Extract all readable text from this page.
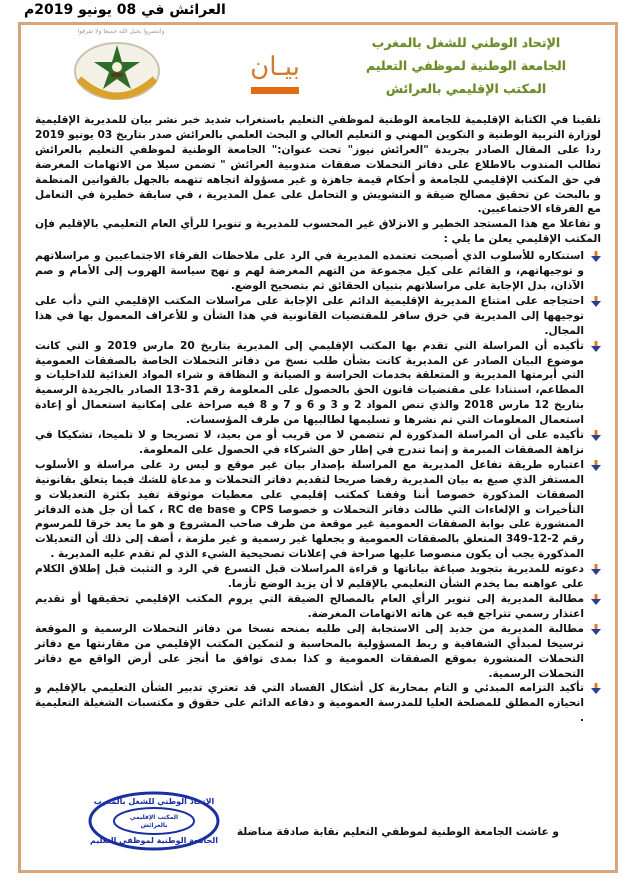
العرائش في 08 يونيو 2019م
وانتصروا بحبل الله جميعا ولا تفرقوا
بيـان
الإتحاد الوطني للشغل بالمغرب
الجامعة الوطنية لموظفي التعليم
المكتب الإقليمي بالعرائش

تلقينا في الكتابة الإقليمية للجامعة الوطنية لموظفي التعليم باستغراب شديد خبر نشر بيان للمديرية الإقليمية لوزارة التربية الوطنية و التكوين المهني و التعليم العالي و البحث العلمي بالعرائش صدر بتاريخ 03 يونيو 2019 ردا على المقال الصادر بجريدة "العرائش نيوز" تحت عنوان:" الجامعة الوطنية لموظفي التعليم بالعرائش تطالب المندوب بالاطلاع على دفاتر التحملات صفقات مندوبية العرائش " تضمن سيلا من الاتهامات المغرضة في حق المكتب الإقليمي للجامعة و أحكام قيمة جاهزة و غير مسؤولة اتجاهه تتهمه بالجهل بالقوانين المنظمة و بالبحث عن تحقيق مصالح ضيقة و التشويش و التحامل على عمل المديرية ، في سابقة خطيرة في التعامل مع الفرقاء الاجتماعيين.

و تفاعلا مع هذا المستجد الخطير و الانزلاق غير المحسوب للمديرية و تنويرا للرأي العام التعليمي بالإقليم فإن المكتب الإقليمي يعلن ما يلي :

استنكاره للأسلوب الذي أصبحت تعتمده المديرية في الرد على ملاحظات الفرقاء الاجتماعيين و مراسلاتهم و توجيهاتهم، و القائم على كيل مجموعة من التهم المغرضة لهم و نهج سياسة الهروب إلى الأمام و صم الآذان، بدل الإجابة على مراسلاتهم بتبيان الحقائق ثم بتصحيح الوضع.
احتجاجه على امتناع المديرية الإقليمية الدائم على الإجابة على مراسلات المكتب الإقليمي التي دأب على توجيهها إلى المديرية في خرق سافر للمقتضيات القانونية في هذا الشأن و للأعراف المعمول بها في هذا المجال.
تأكيده أن المراسلة التي تقدم بها المكتب الإقليمي إلى المديرية بتاريخ 20 مارس 2019 و التي كانت موضوع البيان الصادر عن المديرية كانت بشأن طلب نسخ من دفاتر التحملات الخاصة بالصفقات العمومية التي أبرمتها المديرية و المتعلقة بخدمات الحراسة و الصيانة و النظافة و شراء المواد الغذائية للداخليات و المطاعم، استنادا على مقتضيات قانون الحق بالحصول على المعلومة رقم 31-13 الصادر بالجريدة الرسمية بتاريخ 12 مارس 2018 والذي تنص المواد 2 و 3 و 6 و 7 و 8 فيه صراحة على إمكانية استعمال أو إعادة استعمال المعلومات التي تم نشرها و تسليمها لطالبيها من طرف المؤسسات.
تأكيده على أن المراسلة المذكورة لم تتضمن لا من قريب أو من بعيد، لا تصريحا و لا تلميحا، تشكيكا في نزاهة الصفقات المبرمة و إنما تندرج في إطار حق الشركاء في الحصول على المعلومة.
اعتباره طريقة تفاعل المديرية مع المراسلة بإصدار بيان غير موقع و ليس رد على مراسلة و الأسلوب المستفز الذي صيغ به بيان المديرية رفضا صريحا لتقديم دفاتر التحملات و مدعاة للشك فيما يتعلق بقانونية الصفقات المذكورة خصوصا أننا وقفنا كمكتب إقليمي على معطيات موثوقة تفيد بكثرة التعديلات و التأخيرات و الإلغاءات التي طالت دفاتر التحملات و خصوصا CPS و RC de base ، كما أن جل هذه الدفاتر المنشورة على بوابة الصفقات العمومية غير موقعة من طرف صاحب المشروع و هو ما يعد خرقا للمرسوم رقم 2-12-349 المتعلق بالصفقات العمومية و يجعلها غير رسمية و غير ملزمة ، أضف إلى ذلك أن التعديلات المذكورة يجب أن يكون منصوصا عليها صراحة في إعلانات تصحيحية الشيء الذي لم تقدم عليه المديرية .
دعوته للمديرية بتجويد صياغة بياناتها و قراءة المراسلات قبل التسرع في الرد و التثبت قبل إطلاق الكلام على عواهنه بما يخدم الشأن التعليمي بالإقليم لا أن يزيد الوضع تأزما.
مطالبة المديرية إلى تنوير الرأي العام بالمصالح الضيقة التي يروم المكتب الإقليمي تحقيقها أو تقديم اعتذار رسمي تتراجع فيه عن هاته الاتهامات المغرضة.
مطالبة المديرية من جديد إلى الاستجابة إلى طلبه بمنحه نسخا من دفاتر التحملات الرسمية و الموقعة ترسيخا لمبدأي الشفافية و ربط المسؤولية بالمحاسبة و لتمكين المكتب الإقليمي من مقارنتها مع دفاتر التحملات المنشورة بموقع الصفقات العمومية و كذا بمدى توافق ما أنجز على أرض الواقع مع دفاتر التحملات الرسمية.
تأكيد التزامه المبدئي و التام بمحاربة كل أشكال الفساد التي قد تعتري تدبير الشأن التعليمي بالإقليم و انحيازه المطلق للمصلحة العليا للمدرسة العمومية و دفاعه الدائم على حقوق و مكتسبات الشغيلة التعليمية .
الإتحاد الوطني للشغل بالمغرب
المكتب الإقليمي
بالعرائش
الجامعة الوطنية لموظفي التعليم
و عاشت الجامعة الوطنية لموظفي التعليم نقابة صادقة مناضلة
